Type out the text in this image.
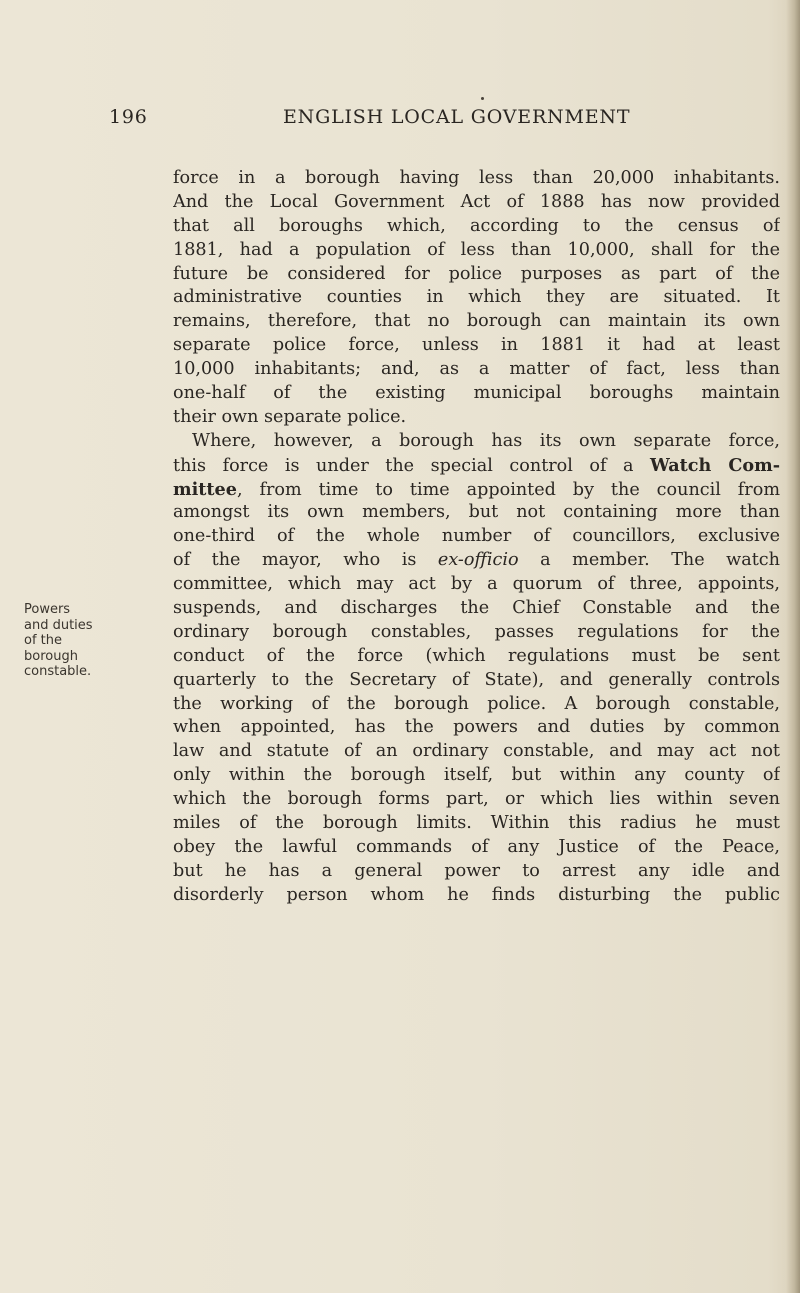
196	ENGLISH LOCAL GOVERNMENT
Powers
and duties
of the
borough
constable.
force in a borough having less than 20,000 inhabitants.
And the Local Government Act of 1888 has now provided
that all boroughs which, according to the census of
1881, had a population of less than 10,000, shall for the
future be considered for police purposes as part of the
administrative counties in which they are situated. It
remains, therefore, that no borough can maintain its own
separate police force, unless in 1881 it had at least
10,000 inhabitants; and, as a matter of fact, less than
one-half of the existing municipal boroughs maintain
their own separate police.
Where, however, a borough has its own separate force,
this force is under the special control of a Watch Com-
mittee, from time to time appointed by the council from
amongst its own members, but not containing more than
one-third of the whole number of councillors, exclusive
of the mayor, who is ex-officio a member. The watch
committee, which may act by a quorum of three, appoints,
suspends, and discharges the Chief Constable and the
ordinary borough constables, passes regulations for the
conduct of the force (which regulations must be sent
quarterly to the Secretary of State), and generally controls
the working of the borough police. A borough constable,
when appointed, has the powers and duties by common
law and statute of an ordinary constable, and may act not
only within the borough itself, but within any county of
which the borough forms part, or which lies within seven
miles of the borough limits. Within this radius he must
obey the lawful commands of any Justice of the Peace,
but he has a general power to arrest any idle and
disorderly person whom he finds disturbing the public
